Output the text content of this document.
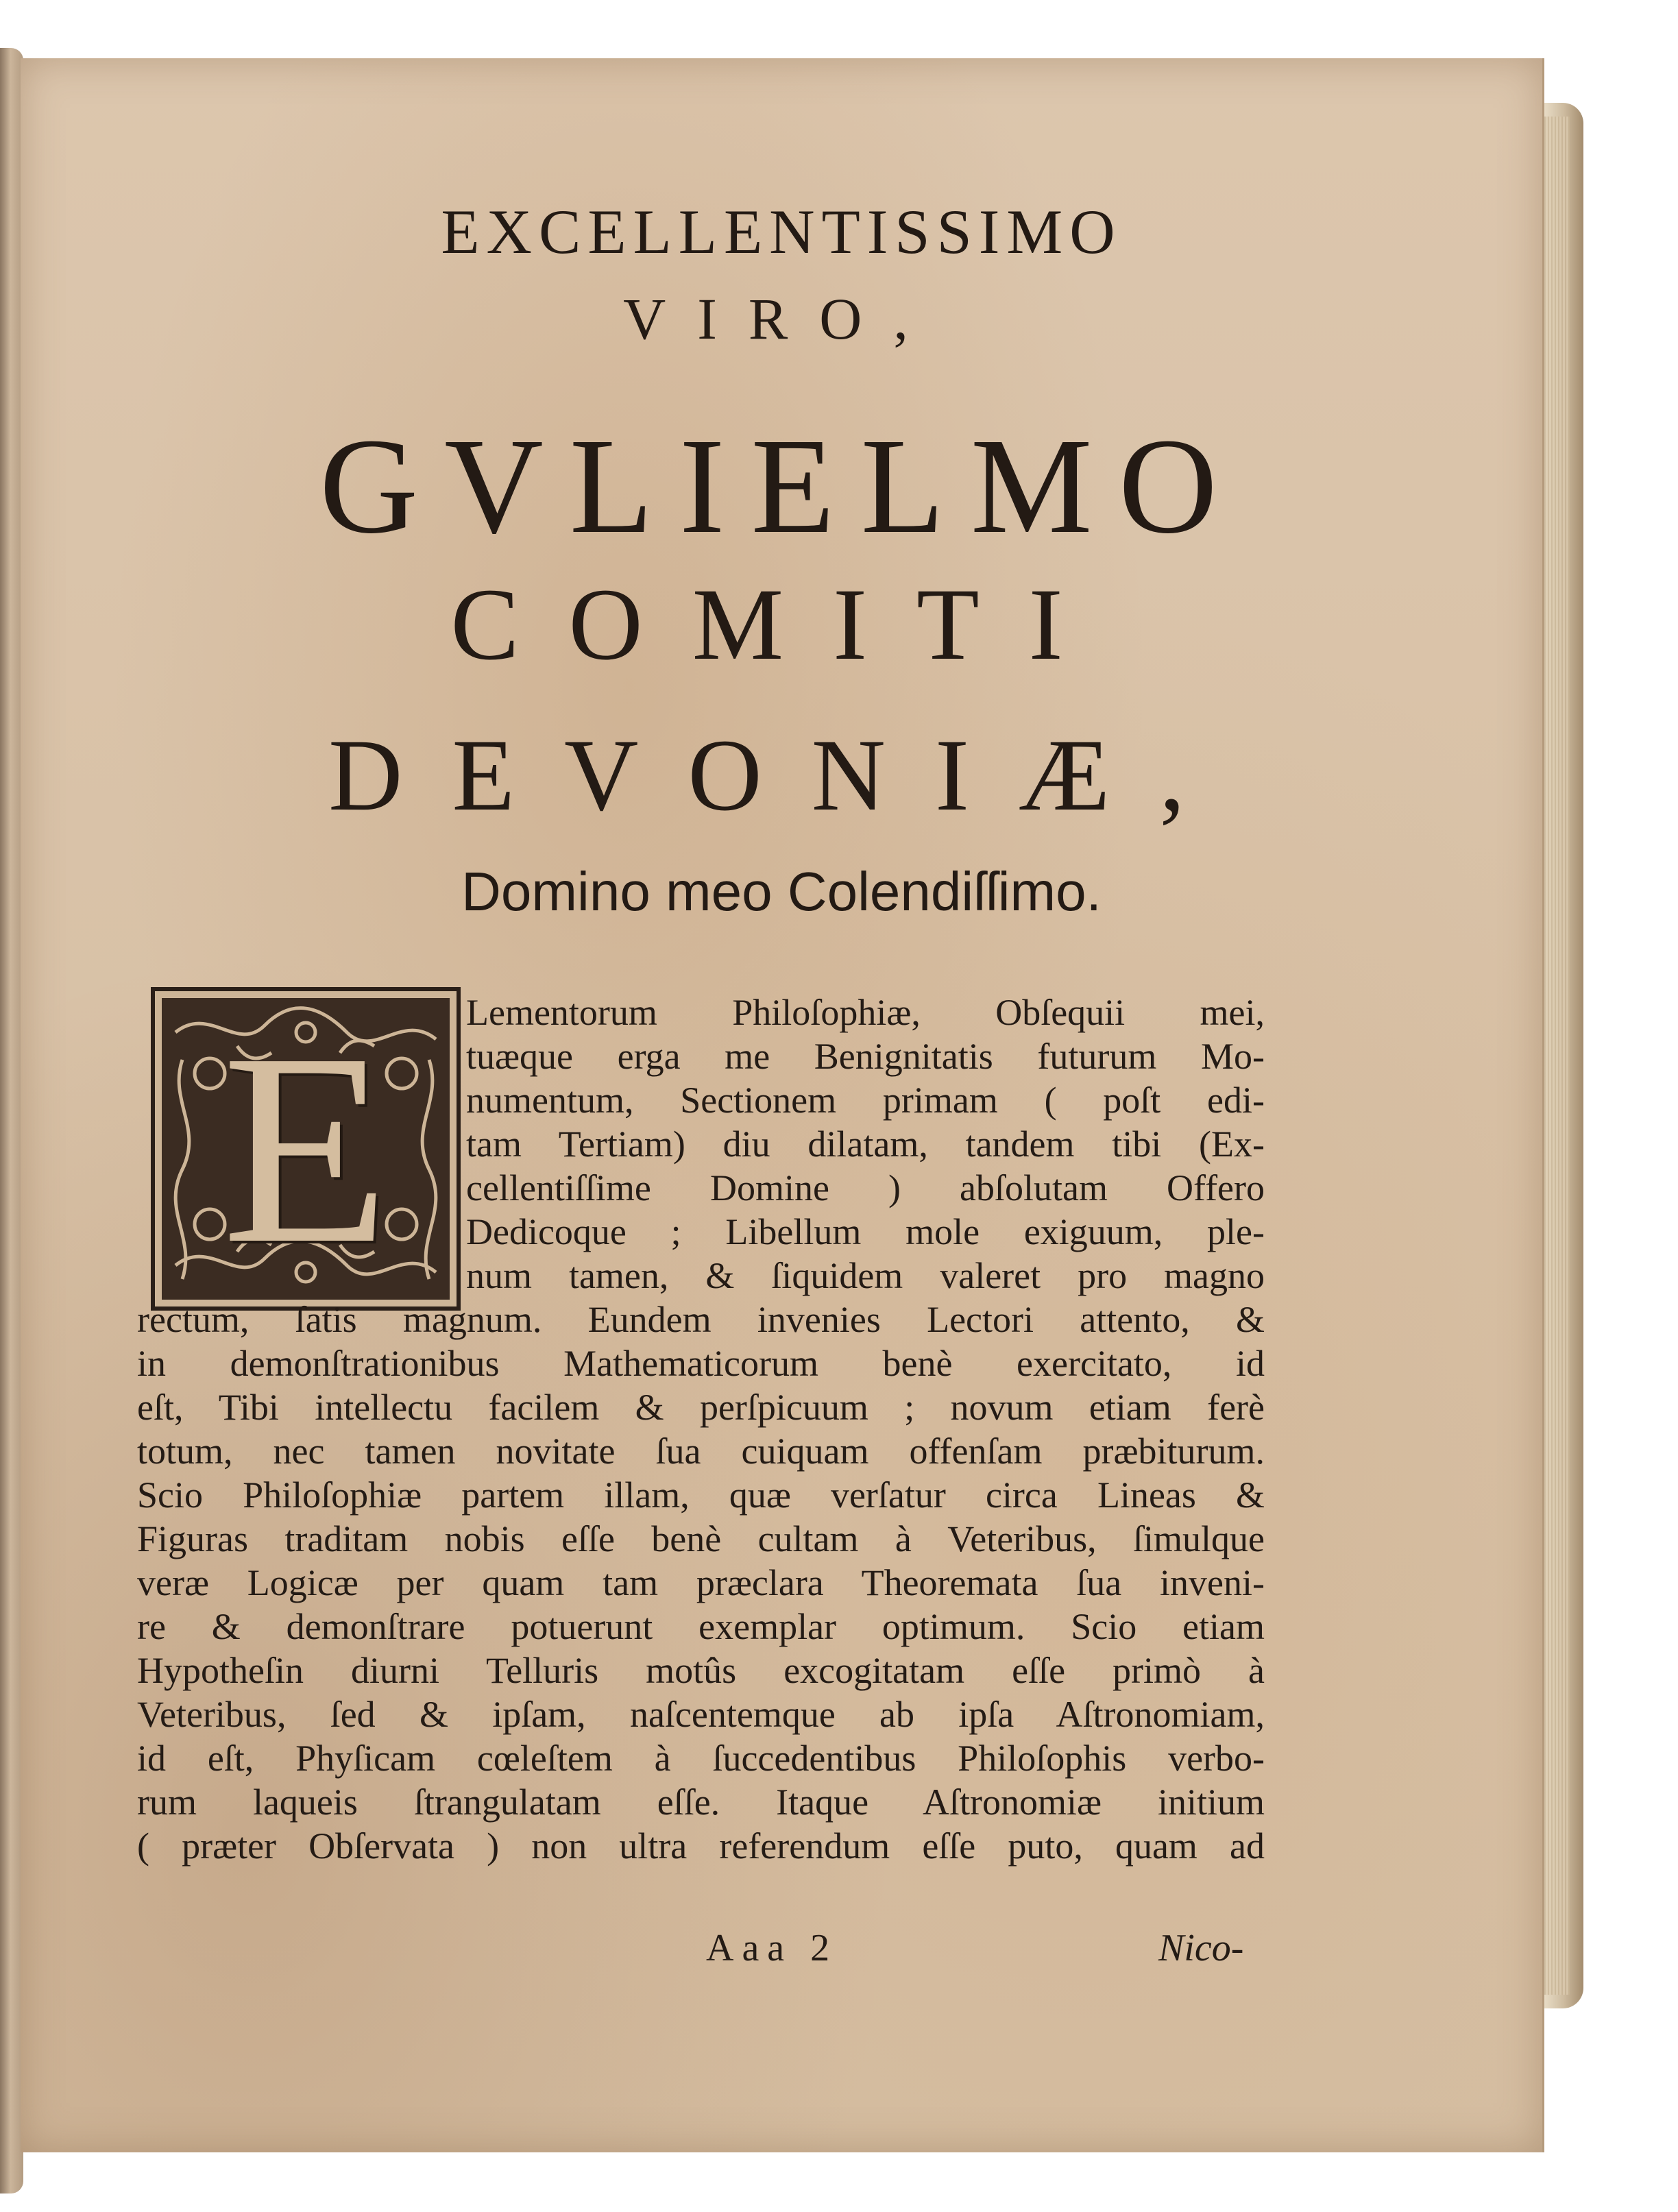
EXCELLENTISSIMO
VIRO,
GVLIELMO
COMITI
DEVONIÆ,
Domino meo Colendiſſimo.
E	Lementorum Philoſophiæ, Obſequii mei,

tuæque erga me Benignitatis futurum Mo-

numentum, Sectionem primam ( poſt edi-

tam Tertiam) diu dilatam, tandem tibi (Ex-

cellentiſſime Domine ) abſolutam Offero

Dedicoque ; Libellum mole exiguum, ple-

num tamen, & ſiquidem valeret pro magno

rectum, ſatis magnum. Eundem invenies Lectori attento, &

in demonſtrationibus Mathematicorum benè exercitato, id

eſt, Tibi intellectu facilem & perſpicuum ; novum etiam ferè

totum, nec tamen novitate ſua cuiquam offenſam præbiturum.

Scio Philoſophiæ partem illam, quæ verſatur circa Lineas &

Figuras traditam nobis eſſe benè cultam à Veteribus, ſimulque

veræ Logicæ per quam tam præclara Theoremata ſua inveni-

re & demonſtrare potuerunt exemplar optimum. Scio etiam

Hypotheſin diurni Telluris motûs excogitatam eſſe primò à

Veteribus, ſed & ipſam, naſcentemque ab ipſa Aſtronomiam,

id eſt, Phyſicam cœleſtem à ſuccedentibus Philoſophis verbo-

rum laqueis ſtrangulatam eſſe. Itaque Aſtronomiæ initium

( præter Obſervata ) non ultra referendum eſſe puto, quam ad

Aaa 2	Nico-
